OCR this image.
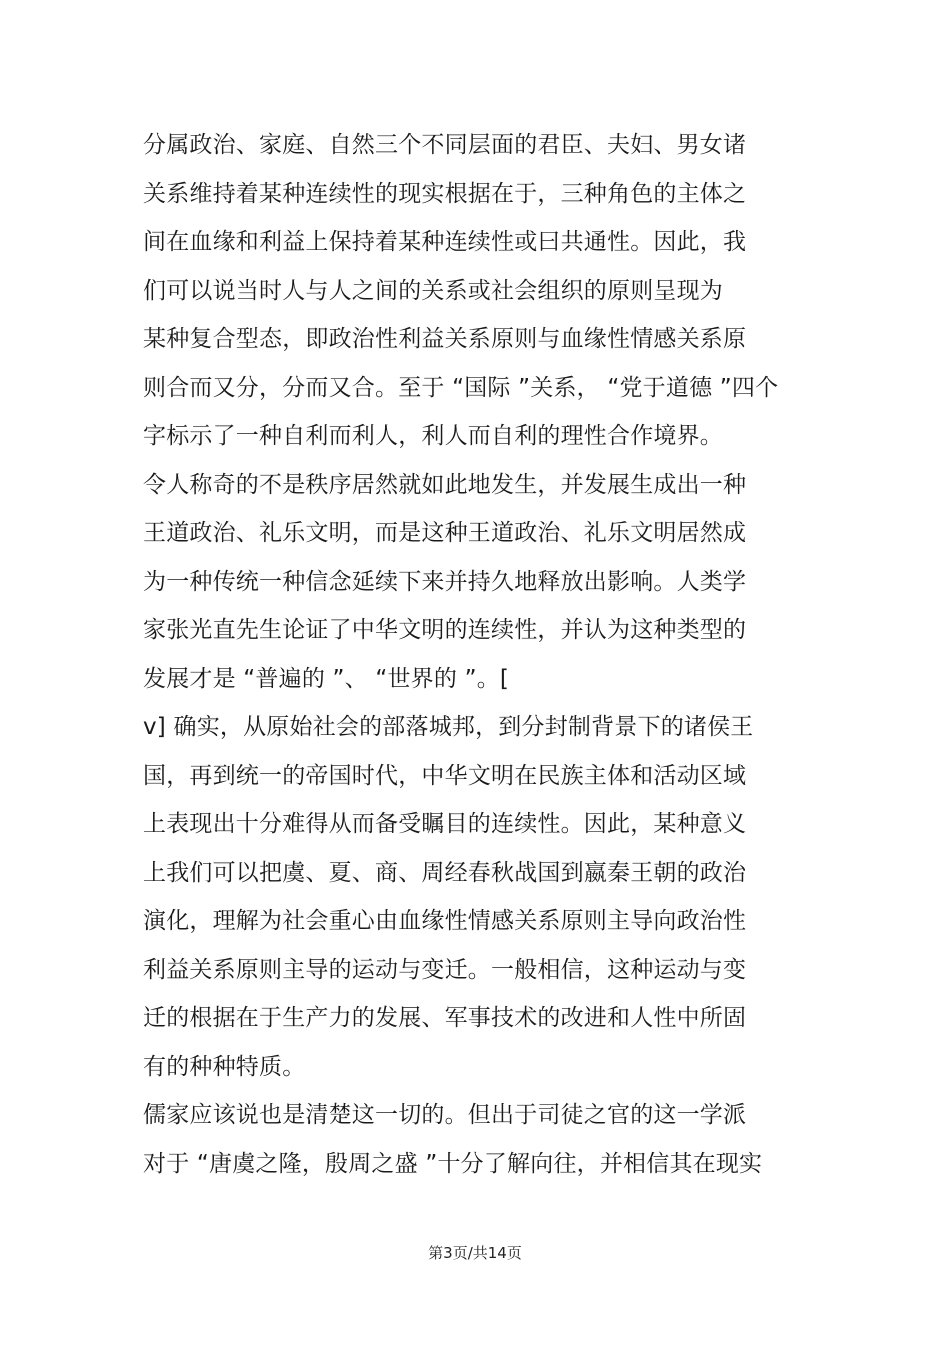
分属政治、家庭、自然三个不同层面的君臣、夫妇、男女诸
关系维持着某种连续性的现实根据在于，三种角色的主体之
间在血缘和利益上保持着某种连续性或曰共通性。因此，我
们可以说当时人与人之间的关系或社会组织的原则呈现为
某种复合型态，即政治性利益关系原则与血缘性情感关系原
则合而又分，分而又合。至于 “国际 ”关系， “党于道德 ”四个
字标示了一种自利而利人，利人而自利的理性合作境界。
令人称奇的不是秩序居然就如此地发生，并发展生成出一种
王道政治、礼乐文明，而是这种王道政治、礼乐文明居然成
为一种传统一种信念延续下来并持久地释放出影响。人类学
家张光直先生论证了中华文明的连续性，并认为这种类型的
发展才是 “普遍的 ”、 “世界的 ”。[
v] 确实，从原始社会的部落城邦，到分封制背景下的诸侯王
国，再到统一的帝国时代，中华文明在民族主体和活动区域
上表现出十分难得从而备受瞩目的连续性。因此，某种意义
上我们可以把虞、夏、商、周经春秋战国到嬴秦王朝的政治
演化，理解为社会重心由血缘性情感关系原则主导向政治性
利益关系原则主导的运动与变迁。一般相信，这种运动与变
迁的根据在于生产力的发展、军事技术的改进和人性中所固
有的种种特质。
儒家应该说也是清楚这一切的。但出于司徒之官的这一学派
对于 “唐虞之隆，殷周之盛 ”十分了解向往，并相信其在现实
第3页/共14页
